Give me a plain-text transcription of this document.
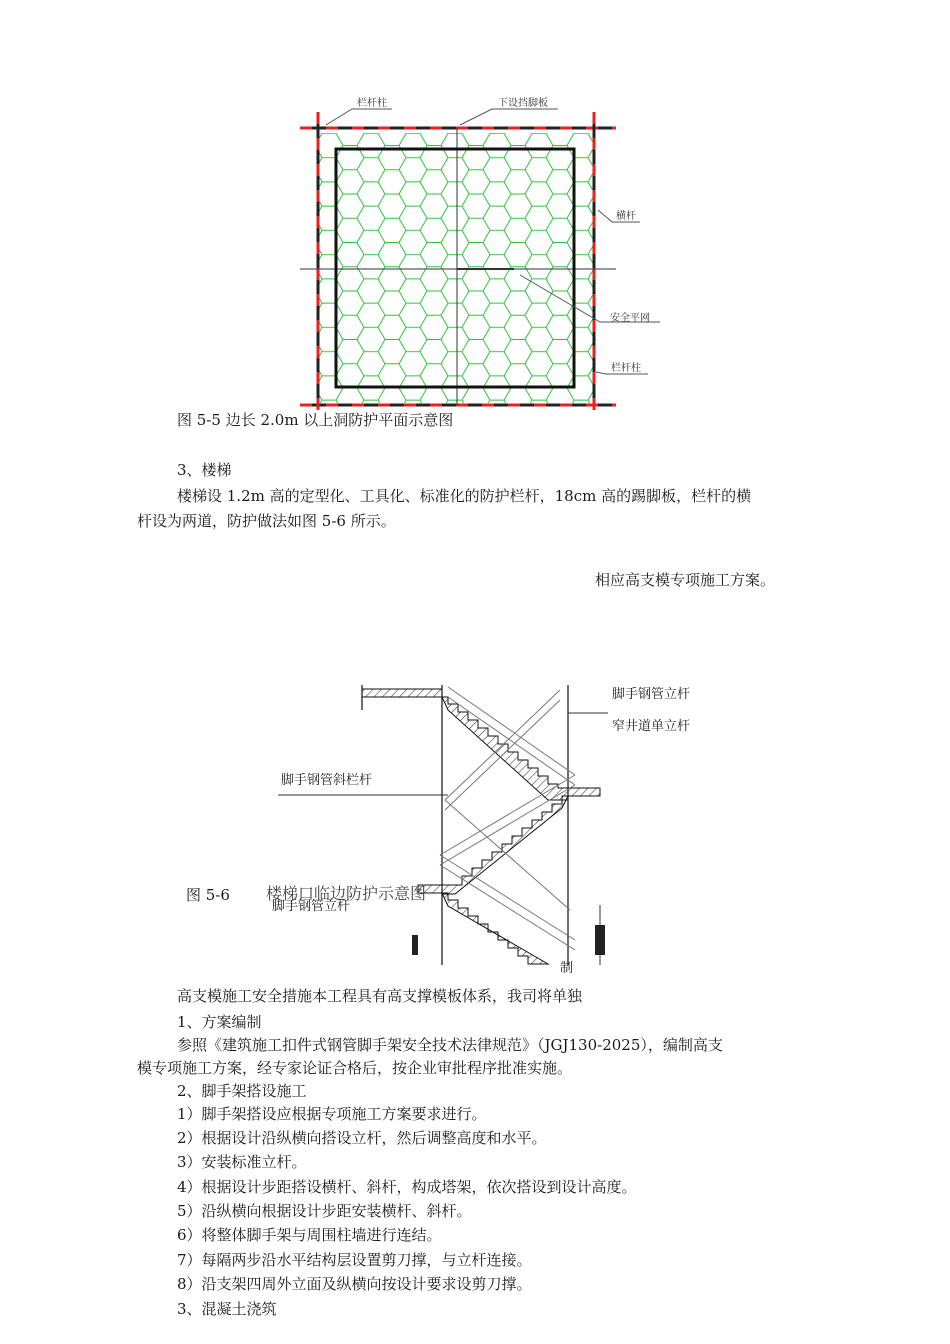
栏杆柱	下设挡脚板
横杆
安全平网
栏杆柱
图 5-5 边长 2.0m 以上洞防护平面示意图
3、楼梯
楼梯设 1.2m 高的定型化、工具化、标准化的防护栏杆，18cm 高的踢脚板，栏杆的横
杆设为两道，防护做法如图 5-6 所示。
相应高支模专项施工方案。
脚手钢管立杆
窄井道单立杆
脚手钢管斜栏杆
脚手钢管立杆
制
图 5-6 楼梯口临边防护示意图
高支模施工安全措施本工程具有高支撑模板体系，我司将单独
1、方案编制
参照《建筑施工扣件式钢管脚手架安全技术法律规范》（JGJ130-2025），编制高支
模专项施工方案，经专家论证合格后，按企业审批程序批准实施。
2、脚手架搭设施工
1）脚手架搭设应根据专项施工方案要求进行。
2）根据设计沿纵横向搭设立杆，然后调整高度和水平。
3）安装标准立杆。
4）根据设计步距搭设横杆、斜杆，构成塔架，依次搭设到设计高度。
5）沿纵横向根据设计步距安装横杆、斜杆。
6）将整体脚手架与周围柱墙进行连结。
7）每隔两步沿水平结构层设置剪刀撑，与立杆连接。
8）沿支架四周外立面及纵横向按设计要求设剪刀撑。
3、混凝土浇筑
